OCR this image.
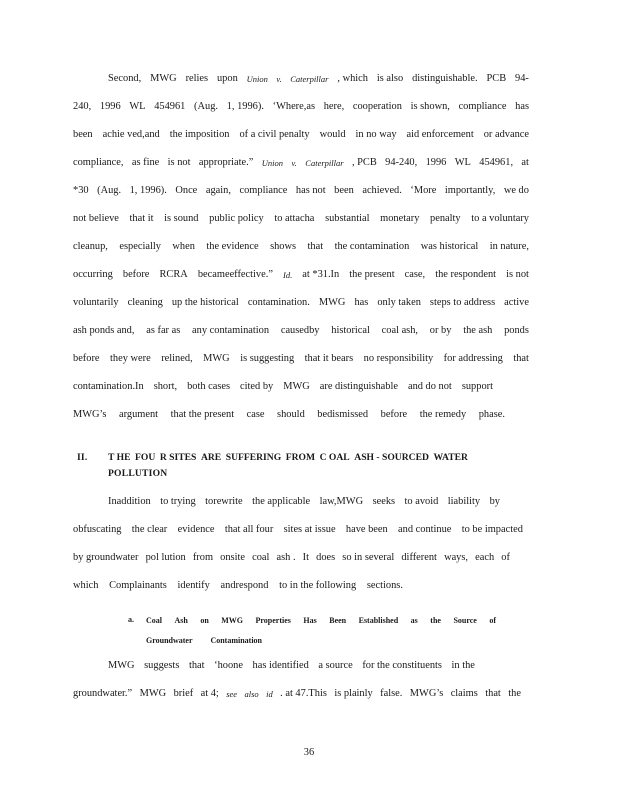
Second, MWG relies upon Union v. Caterpillar , which is also distinguishable. PCB 94-
240, 1996 WL 454961 (Aug. 1, 1996). ‘Where,as here, cooperation is shown, compliance has
been achie ved,and the imposition of a civil penalty would in no way aid enforcement or advance
compliance, as fine is not appropriate.” Union v. Caterpillar , PCB 94-240, 1996 WL 454961, at
*30 (Aug. 1, 1996). Once again, compliance has not been achieved. ‘More importantly, we do
not believe that it is sound public policy to attacha substantial monetary penalty to a voluntary
cleanup, especially when the evidence shows that the contamination was historical in nature,
occurring before RCRA becameeffective.” Id. at *31.In the present case, the respondent is not
voluntarily cleaning up the historical contamination. MWG has only taken steps to address active
ash ponds and, as far as any contamination causedby historical coal ash, or by the ash ponds
before they were relined, MWG is suggesting that it bears no responsibility for addressing that
contamination.In short, both cases cited by MWG are distinguishable and do not support
MWG’s argument that the present case should bedismissed before the remedy phase.
II. T HE FOU R SITES ARE SUFFERING FROM C OAL ASH - SOURCED WATER
POLLUTION
Inaddition to trying torewrite the applicable law,MWG seeks to avoid liability by
obfuscating the clear evidence that all four sites at issue have been and continue to be impacted
by groundwater pol lution from onsite coal ash . It does so in several different ways, each of
which Complainants identify andrespond to in the following sections.
a. Coal Ash on MWG Properties Has Been Established as the Source of
Groundwater Contamination
MWG suggests that ‘hoone has identified a source for the constituents in the
groundwater.” MWG brief at 4; see also id . at 47.This is plainly false. MWG’s claims that the
36
